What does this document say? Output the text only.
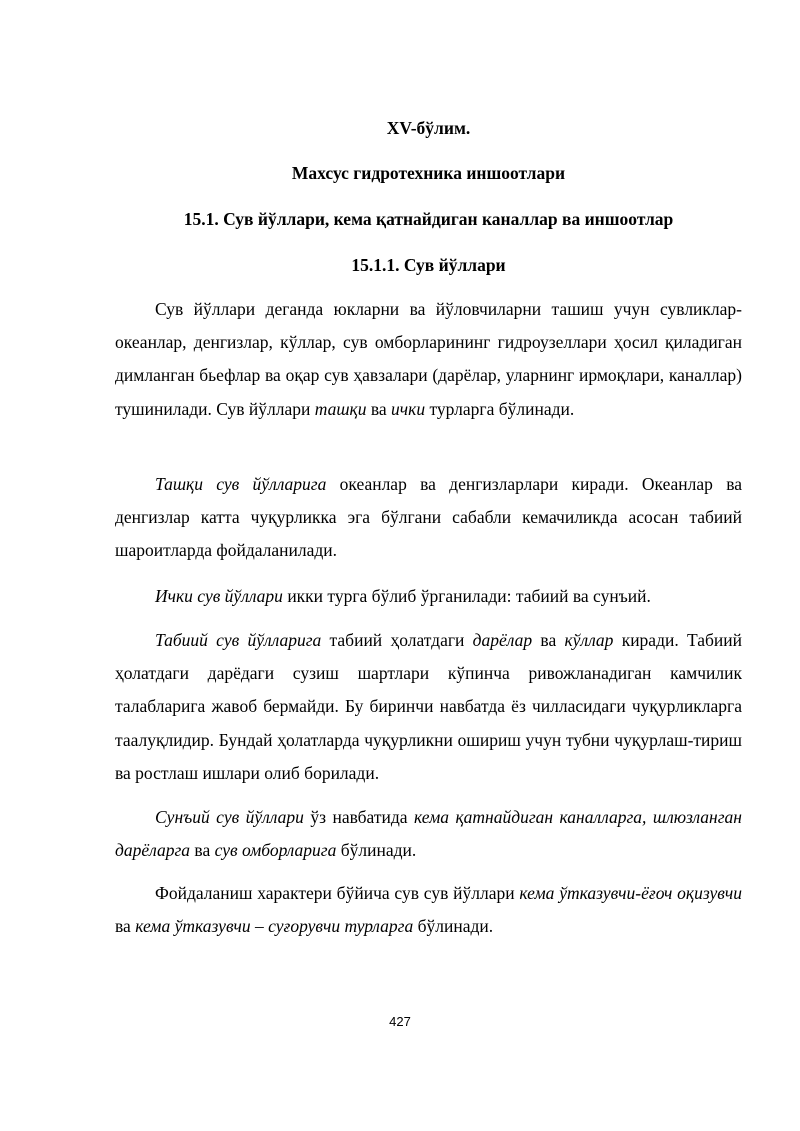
XV-бўлим.
Махсус гидротехника иншоотлари
15.1. Сув йўллари, кема қатнайдиган каналлар ва иншоотлар
15.1.1. Сув йўллари

Сув йўллари деганда юкларни ва йўловчиларни ташиш учун сувликлар-океанлар, денгизлар, кўллар, сув омборларининг гидроузеллари ҳосил қиладиган димланган бьефлар ва оқар сув ҳавзалари (дарёлар, уларнинг ирмоқлари, каналлар) тушинилади. Сув йўллари ташқи ва ички турларга бўлинади.

Ташқи сув йўлларига океанлар ва денгизларлари киради. Океанлар ва денгизлар катта чуқурликка эга бўлгани сабабли кемачиликда асосан табиий шароитларда фойдаланилади.

Ички сув йўллари икки турга бўлиб ўрганилади: табиий ва сунъий.

Табиий сув йўлларига табиий ҳолатдаги дарёлар ва кўллар киради. Табиий ҳолатдаги дарёдаги сузиш шартлари кўпинча ривожланадиган камчилик талабларига жавоб бермайди. Бу биринчи навбатда ёз чилласидаги чуқурликларга таалуқлидир. Бундай ҳолатларда чуқурликни ошириш учун тубни чуқурлаш-тириш ва ростлаш ишлари олиб борилади.

Сунъий сув йўллари ўз навбатида кема қатнайдиган каналларга, шлюзланган дарёларга ва сув омборларига бўлинади.

Фойдаланиш характери бўйича сув сув йўллари кема ўтказувчи-ёғоч оқизувчи ва кема ўтказувчи – суғорувчи турларга бўлинади.

427
